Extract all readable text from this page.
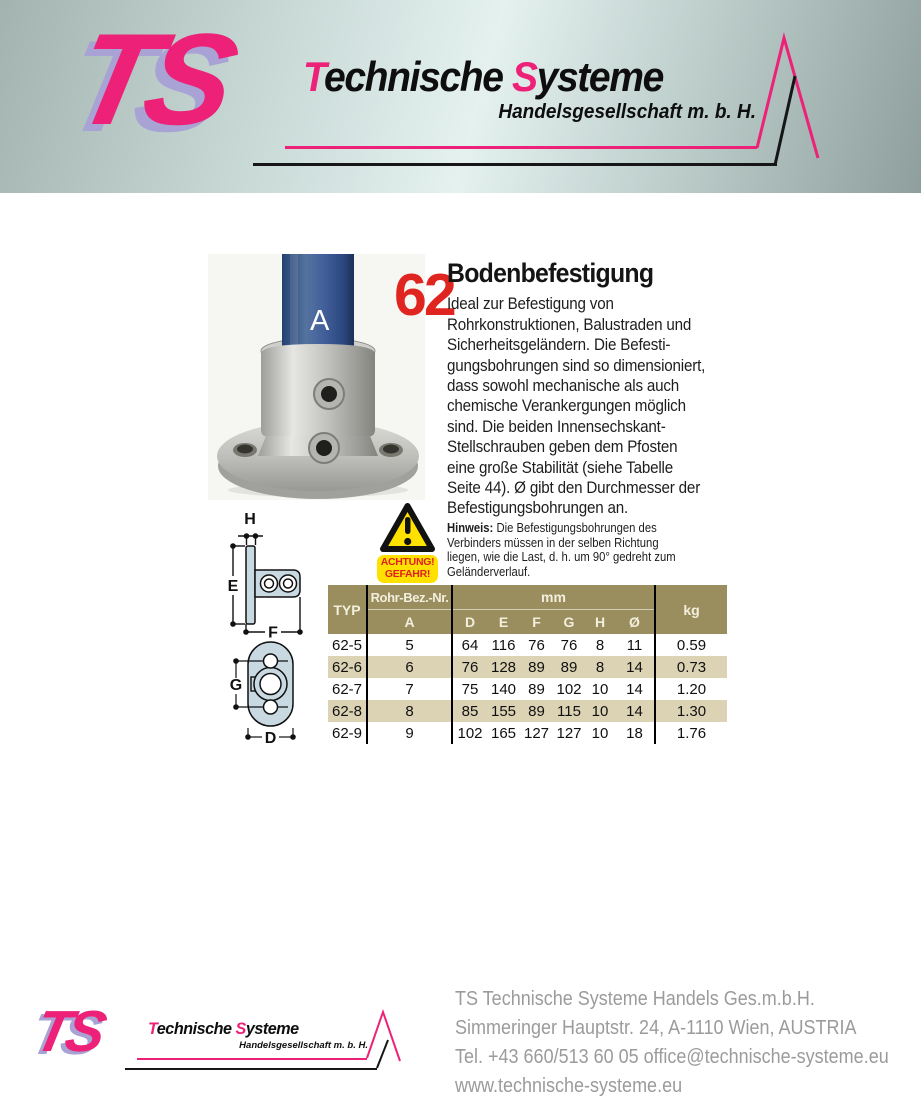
TS Technische Systeme
Handelsgesellschaft m. b. H.
A 62
Bodenbefestigung
Ideal zur Befestigung von
Rohrkonstruktionen, Balustraden und
Sicherheitsgeländern. Die Befesti-
gungsbohrungen sind so dimensioniert,
dass sowohl mechanische als auch
chemische Verankergungen möglich
sind. Die beiden Innensechskant-
Stellschrauben geben dem Pfosten
eine große Stabilität (siehe Tabelle
Seite 44). Ø gibt den Durchmesser der
Befestigungsbohrungen an.
ACHTUNG!
GEFAHR!
Hinweis: Die Befestigungsbohrungen des
Verbinders müssen in der selben Richtung
liegen, wie die Last, d. h. um 90° gedreht zum
Geländerverlauf.
H
E
F
G
D
TYP	Rohr-Bez.-Nr.	mm						kg
	A	D	E	F	G	H	Ø	
62-5	5	64	116	76	76	8	11	0.59
62-6	6	76	128	89	89	8	14	0.73
62-7	7	75	140	89	102	10	14	1.20
62-8	8	85	155	89	115	10	14	1.30
62-9	9	102	165	127	127	10	18	1.76
TS Technische Systeme
Handelsgesellschaft m. b. H.
TS Technische Systeme Handels Ges.m.b.H.
Simmeringer Hauptstr. 24, A-1110 Wien, AUSTRIA
Tel. +43 660/513 60 05 office@technische-systeme.eu
www.technische-systeme.eu
